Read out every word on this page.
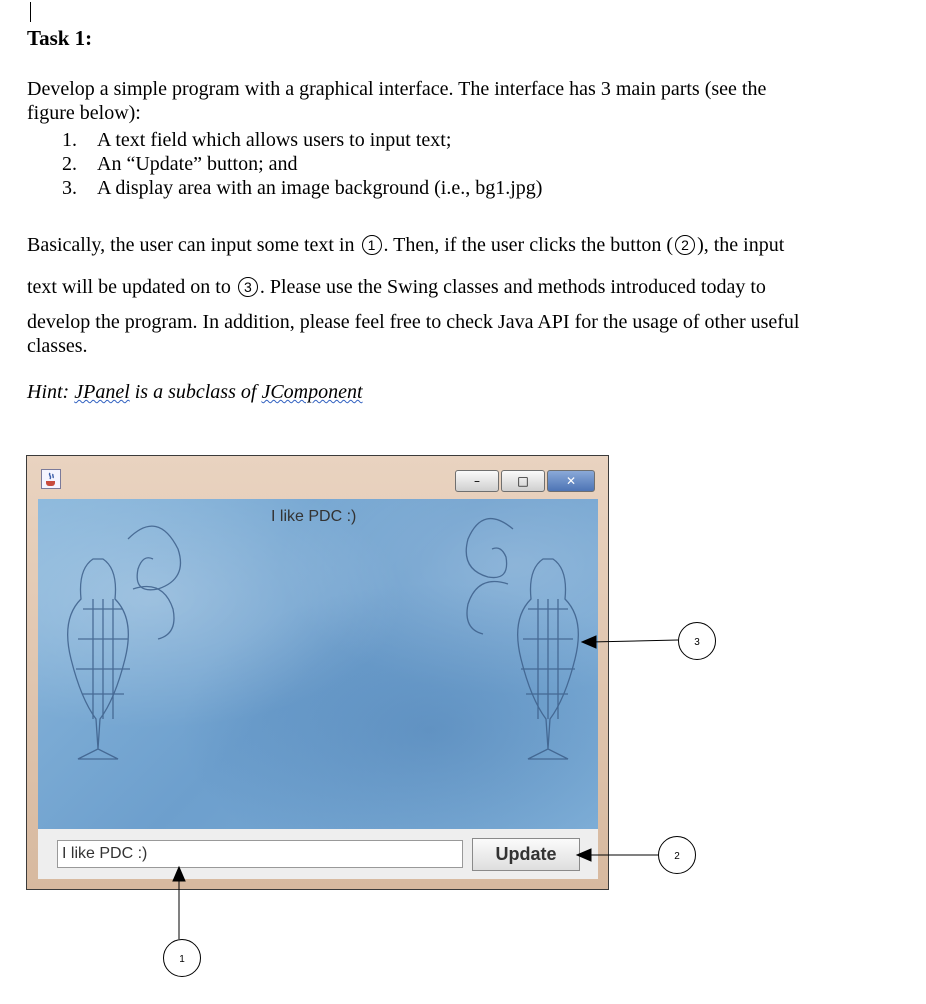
Task 1:
Develop a simple program with a graphical interface. The interface has 3 main parts (see the
figure below):
1. A text field which allows users to input text;
2. An “Update” button; and
3. A display area with an image background (i.e., bg1.jpg)
Basically, the user can input some text in 1 . Then, if the user clicks the button ( 2 ), the input
text will be updated on to 3 . Please use the Swing classes and methods introduced today to
develop the program. In addition, please feel free to check Java API for the usage of other useful
classes.
Hint: JPanel is a subclass of JComponent
–	□	✕
I like PDC :)
I like PDC :)	Update
3
2
1
